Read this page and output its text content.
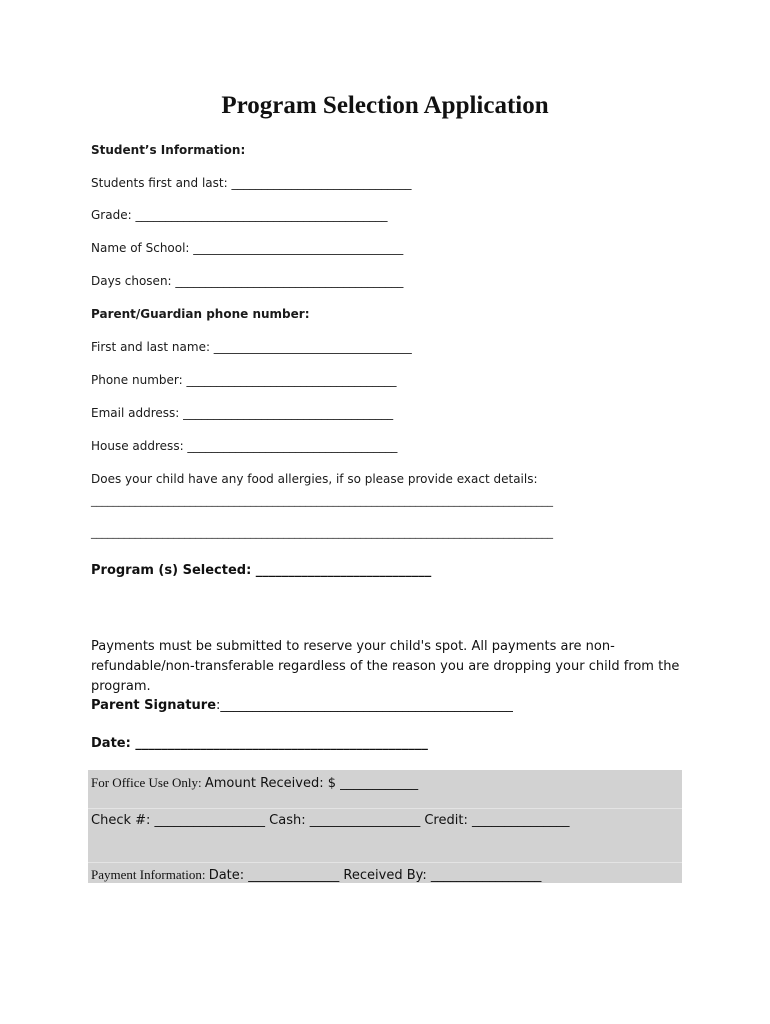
Program Selection Application
Student’s Information:
Students first and last: ______________________________
Grade: __________________________________________
Name of School: ___________________________________
Days chosen: ______________________________________
Parent/Guardian phone number:
First and last name: _________________________________
Phone number: ___________________________________
Email address: ___________________________________
House address: ___________________________________
Does your child have any food allergies, if so please provide exact details:
____________________________________________________________________________________
____________________________________________________________________________________
Program (s) Selected: ___________________________
Payments must be submitted to reserve your child's spot. All payments are non-refundable/non-transferable regardless of the reason you are dropping your child from the program.
Parent Signature:_____________________________________________
Date: _____________________________________________
For Office Use Only: Amount Received: $ ____________
Check #: _________________ Cash: _________________ Credit: _______________
Payment Information: Date: ______________ Received By: _________________
